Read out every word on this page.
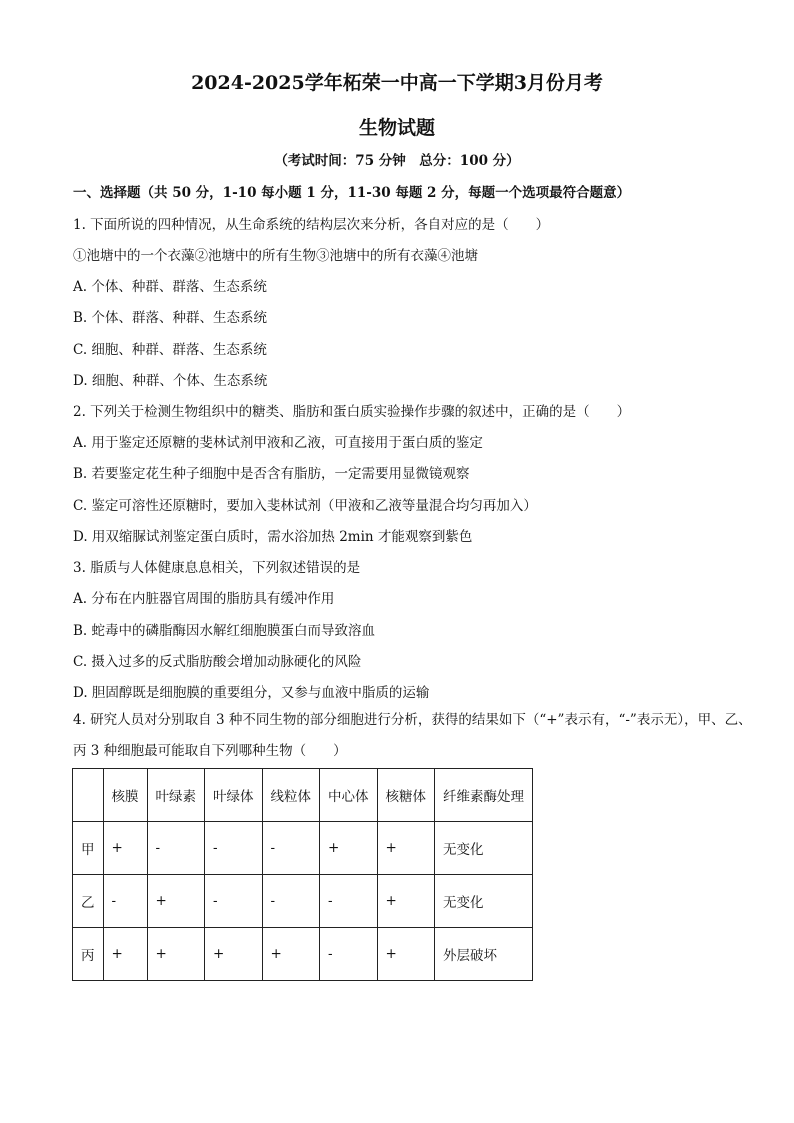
2024-2025学年柘荣一中高一下学期3月份月考
生物试题
（考试时间：75 分钟　总分：100 分）
一、选择题（共 50 分，1-10 每小题 1 分，11-30 每题 2 分，每题一个选项最符合题意）
1. 下面所说的四种情况，从生命系统的结构层次来分析，各自对应的是（　　）
①池塘中的一个衣藻②池塘中的所有生物③池塘中的所有衣藻④池塘
A. 个体、种群、群落、生态系统
B. 个体、群落、种群、生态系统
C. 细胞、种群、群落、生态系统
D. 细胞、种群、个体、生态系统
2. 下列关于检测生物组织中的糖类、脂肪和蛋白质实验操作步骤的叙述中，正确的是（　　）
A. 用于鉴定还原糖的斐林试剂甲液和乙液，可直接用于蛋白质的鉴定
B. 若要鉴定花生种子细胞中是否含有脂肪，一定需要用显微镜观察
C. 鉴定可溶性还原糖时，要加入斐林试剂（甲液和乙液等量混合均匀再加入）
D. 用双缩脲试剂鉴定蛋白质时，需水浴加热 2min 才能观察到紫色
3. 脂质与人体健康息息相关，下列叙述错误的是
A. 分布在内脏器官周围的脂肪具有缓冲作用
B. 蛇毒中的磷脂酶因水解红细胞膜蛋白而导致溶血
C. 摄入过多的反式脂肪酸会增加动脉硬化的风险
D. 胆固醇既是细胞膜的重要组分，又参与血液中脂质的运输
4. 研究人员对分别取自 3 种不同生物的部分细胞进行分析，获得的结果如下（“+”表示有，“-”表示无），甲、乙、丙 3 种细胞最可能取自下列哪种生物（　　）
	核膜	叶绿素	叶绿体	线粒体	中心体	核糖体	纤维素酶处理
甲	+	-	-	-	+	+	无变化
乙	-	+	-	-	-	+	无变化
丙	+	+	+	+	-	+	外层破坏
